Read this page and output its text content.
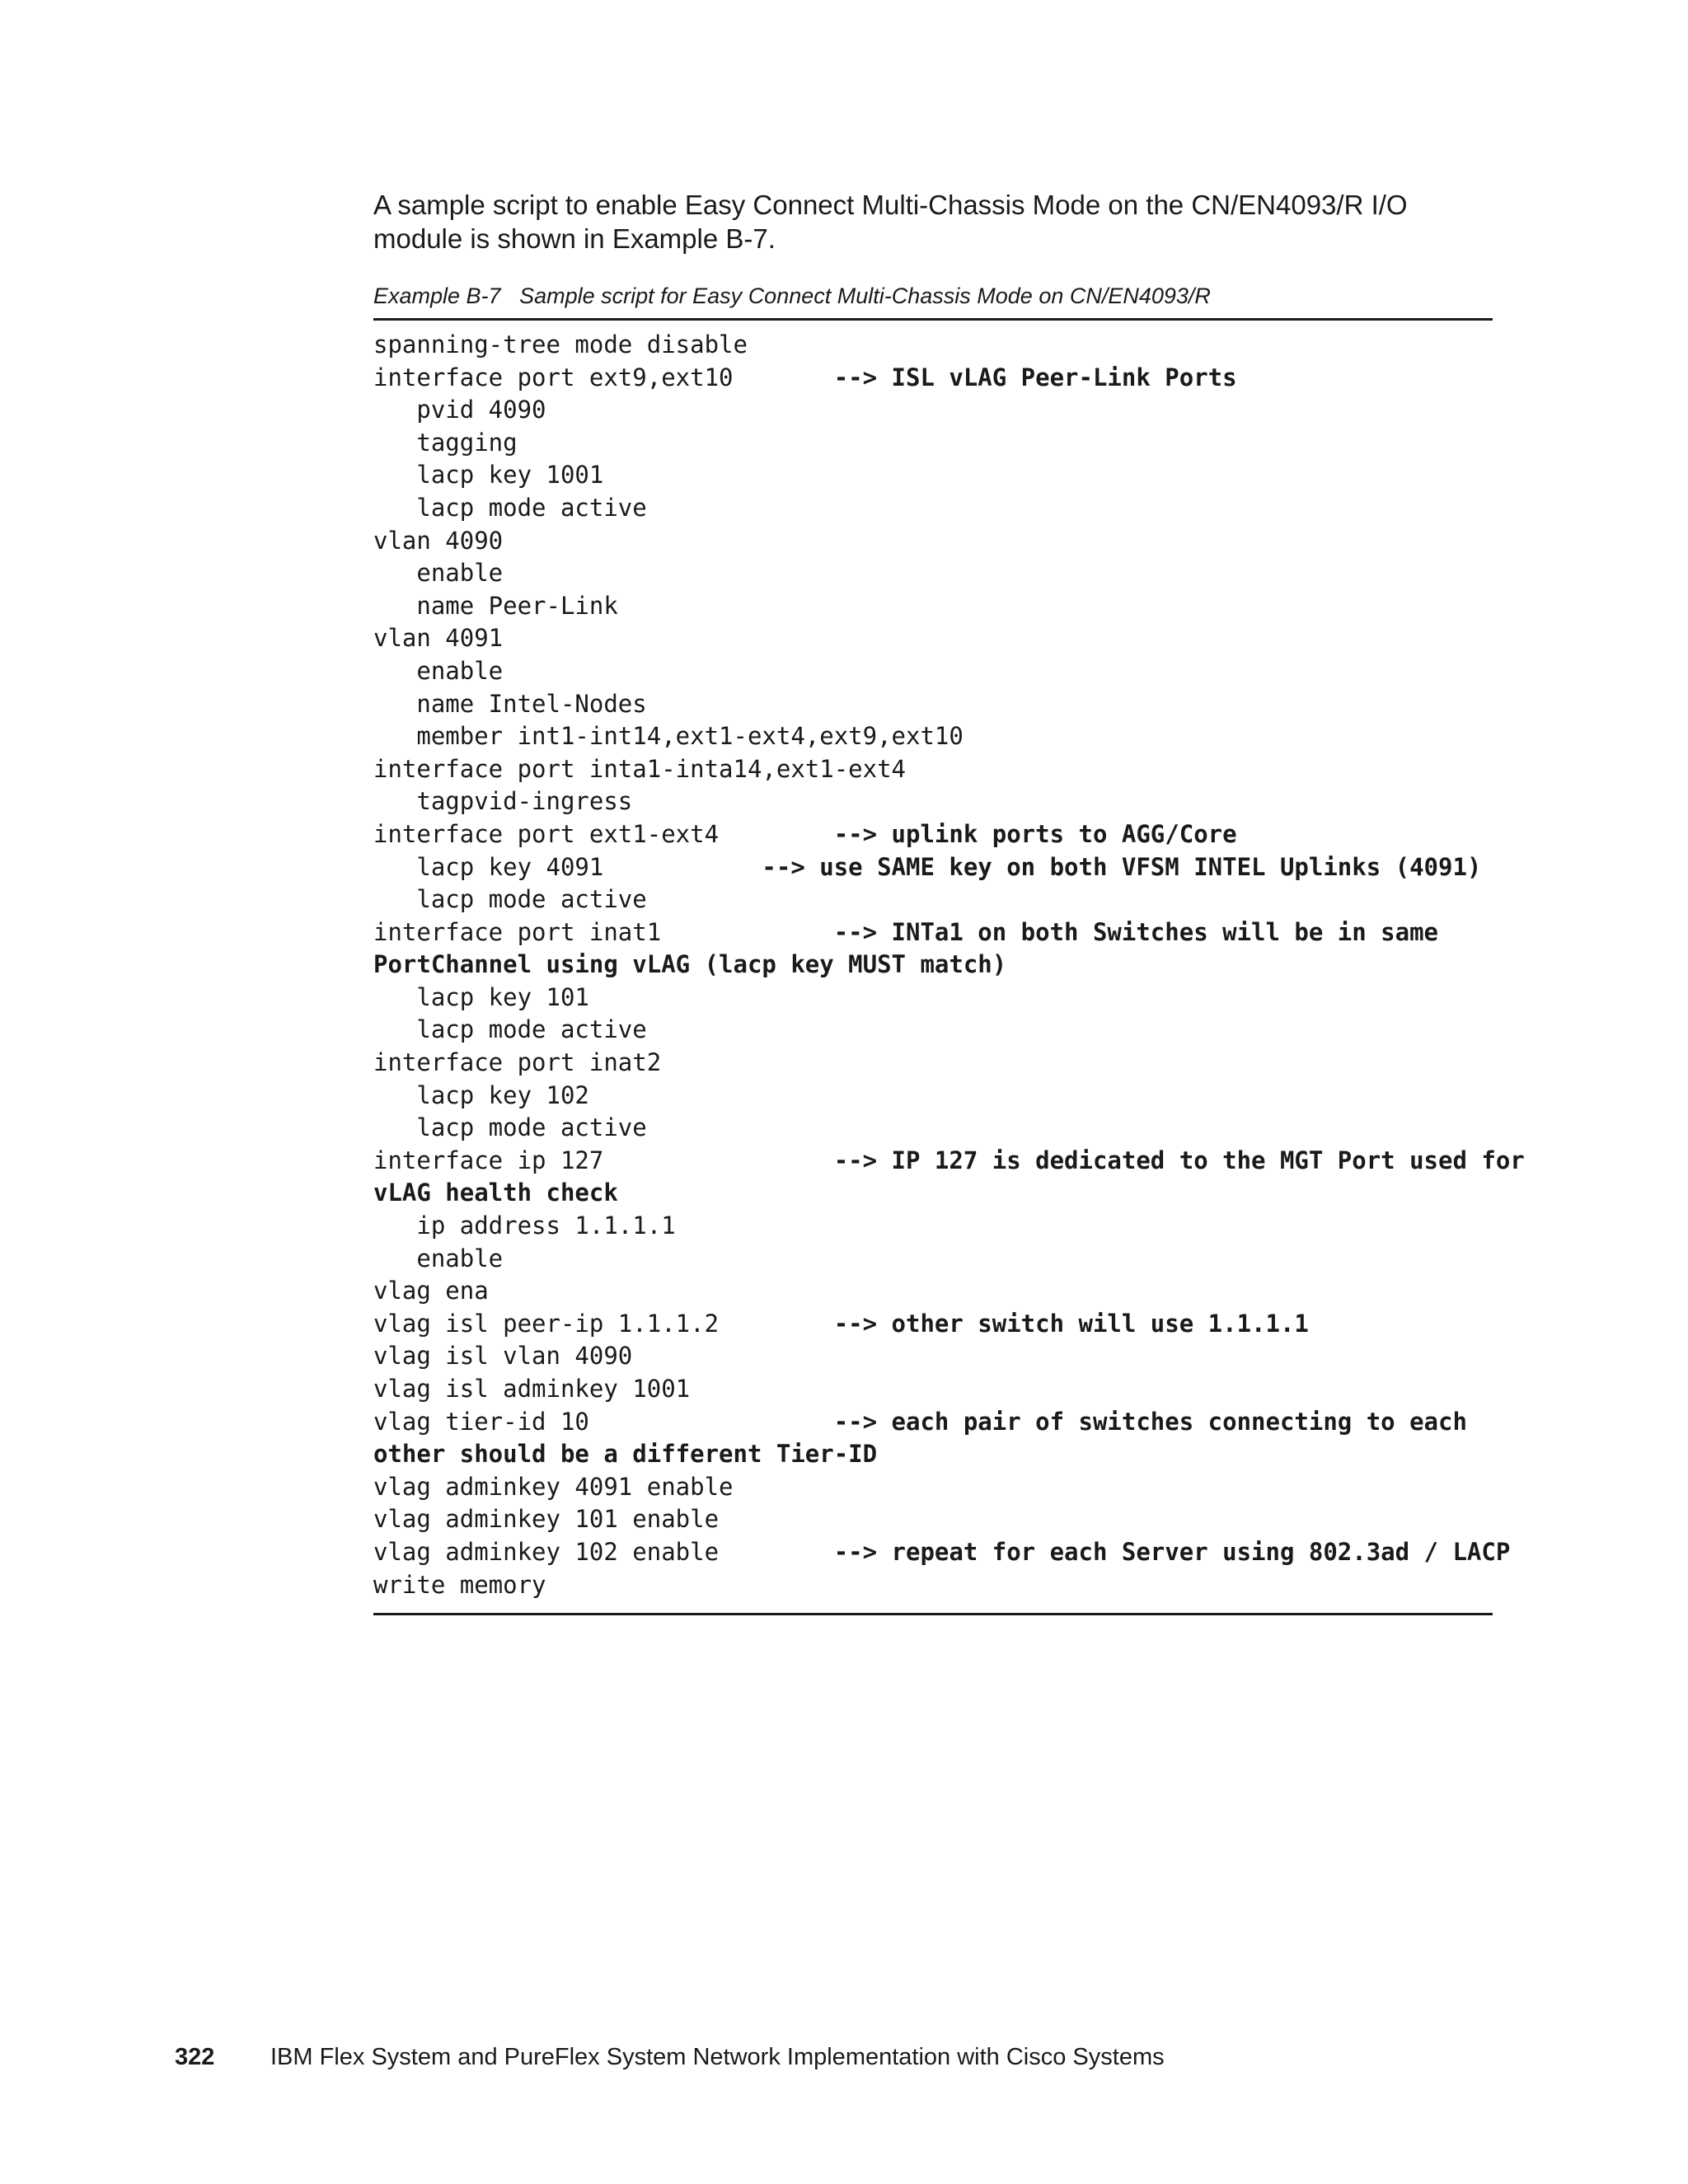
A sample script to enable Easy Connect Multi-Chassis Mode on the CN/EN4093/R I/O module is shown in Example B-7.

Example B-7 Sample script for Easy Connect Multi-Chassis Mode on CN/EN4093/R
spanning-tree mode disable
interface port ext9,ext10       --> ISL vLAG Peer-Link Ports
pvid 4090
tagging
lacp key 1001
lacp mode active
vlan 4090
enable
name Peer-Link
vlan 4091
enable
name Intel-Nodes
member int1-int14,ext1-ext4,ext9,ext10
interface port inta1-inta14,ext1-ext4
tagpvid-ingress
interface port ext1-ext4        --> uplink ports to AGG/Core
lacp key 4091           --> use SAME key on both VFSM INTEL Uplinks (4091)
lacp mode active
interface port inat1            --> INTa1 on both Switches will be in same
PortChannel using vLAG (lacp key MUST match)
lacp key 101
lacp mode active
interface port inat2
lacp key 102
lacp mode active
interface ip 127                --> IP 127 is dedicated to the MGT Port used for
vLAG health check
ip address 1.1.1.1
enable
vlag ena
vlag isl peer-ip 1.1.1.2        --> other switch will use 1.1.1.1
vlag isl vlan 4090
vlag isl adminkey 1001
vlag tier-id 10                 --> each pair of switches connecting to each
other should be a different Tier-ID
vlag adminkey 4091 enable
vlag adminkey 101 enable
vlag adminkey 102 enable        --> repeat for each Server using 802.3ad / LACP
write memory
322 IBM Flex System and PureFlex System Network Implementation with Cisco Systems
